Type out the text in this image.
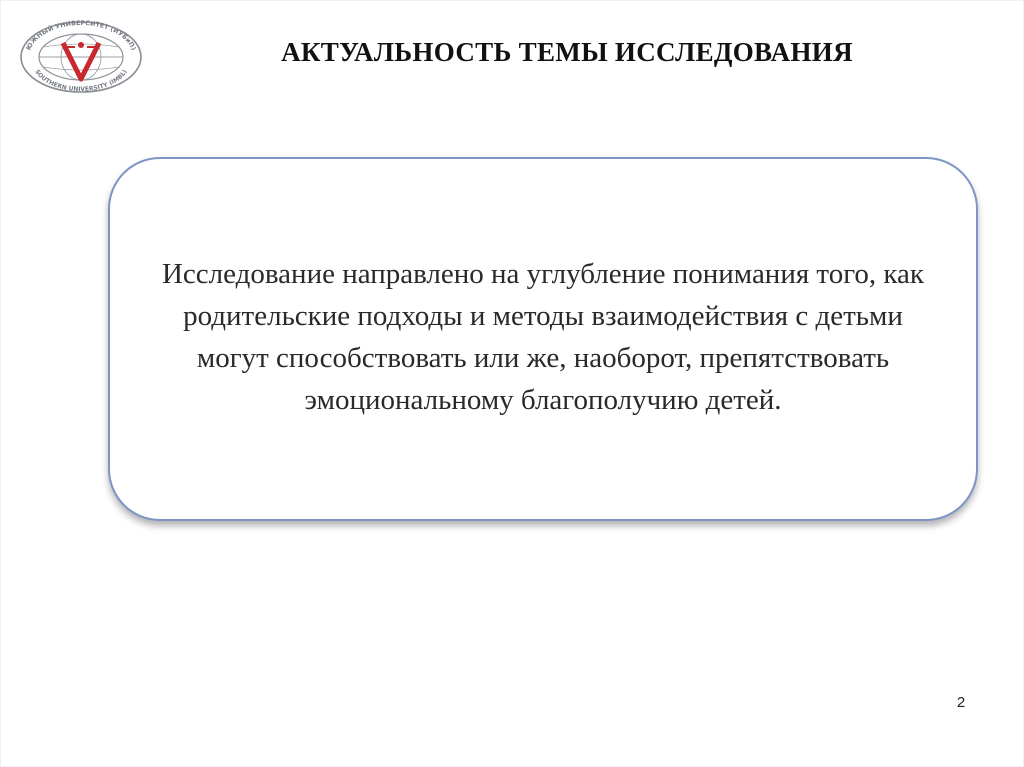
ЮЖНЫЙ УНИВЕРСИТЕТ (ИУБиП)
SOUTHERN UNIVERSITY (IMBL)
АКТУАЛЬНОСТЬ ТЕМЫ ИССЛЕДОВАНИЯ
Исследование направлено на углубление понимания того, как родительские подходы и методы взаимодействия с детьми могут способствовать или же, наоборот, препятствовать эмоциональному благополучию детей.
2
